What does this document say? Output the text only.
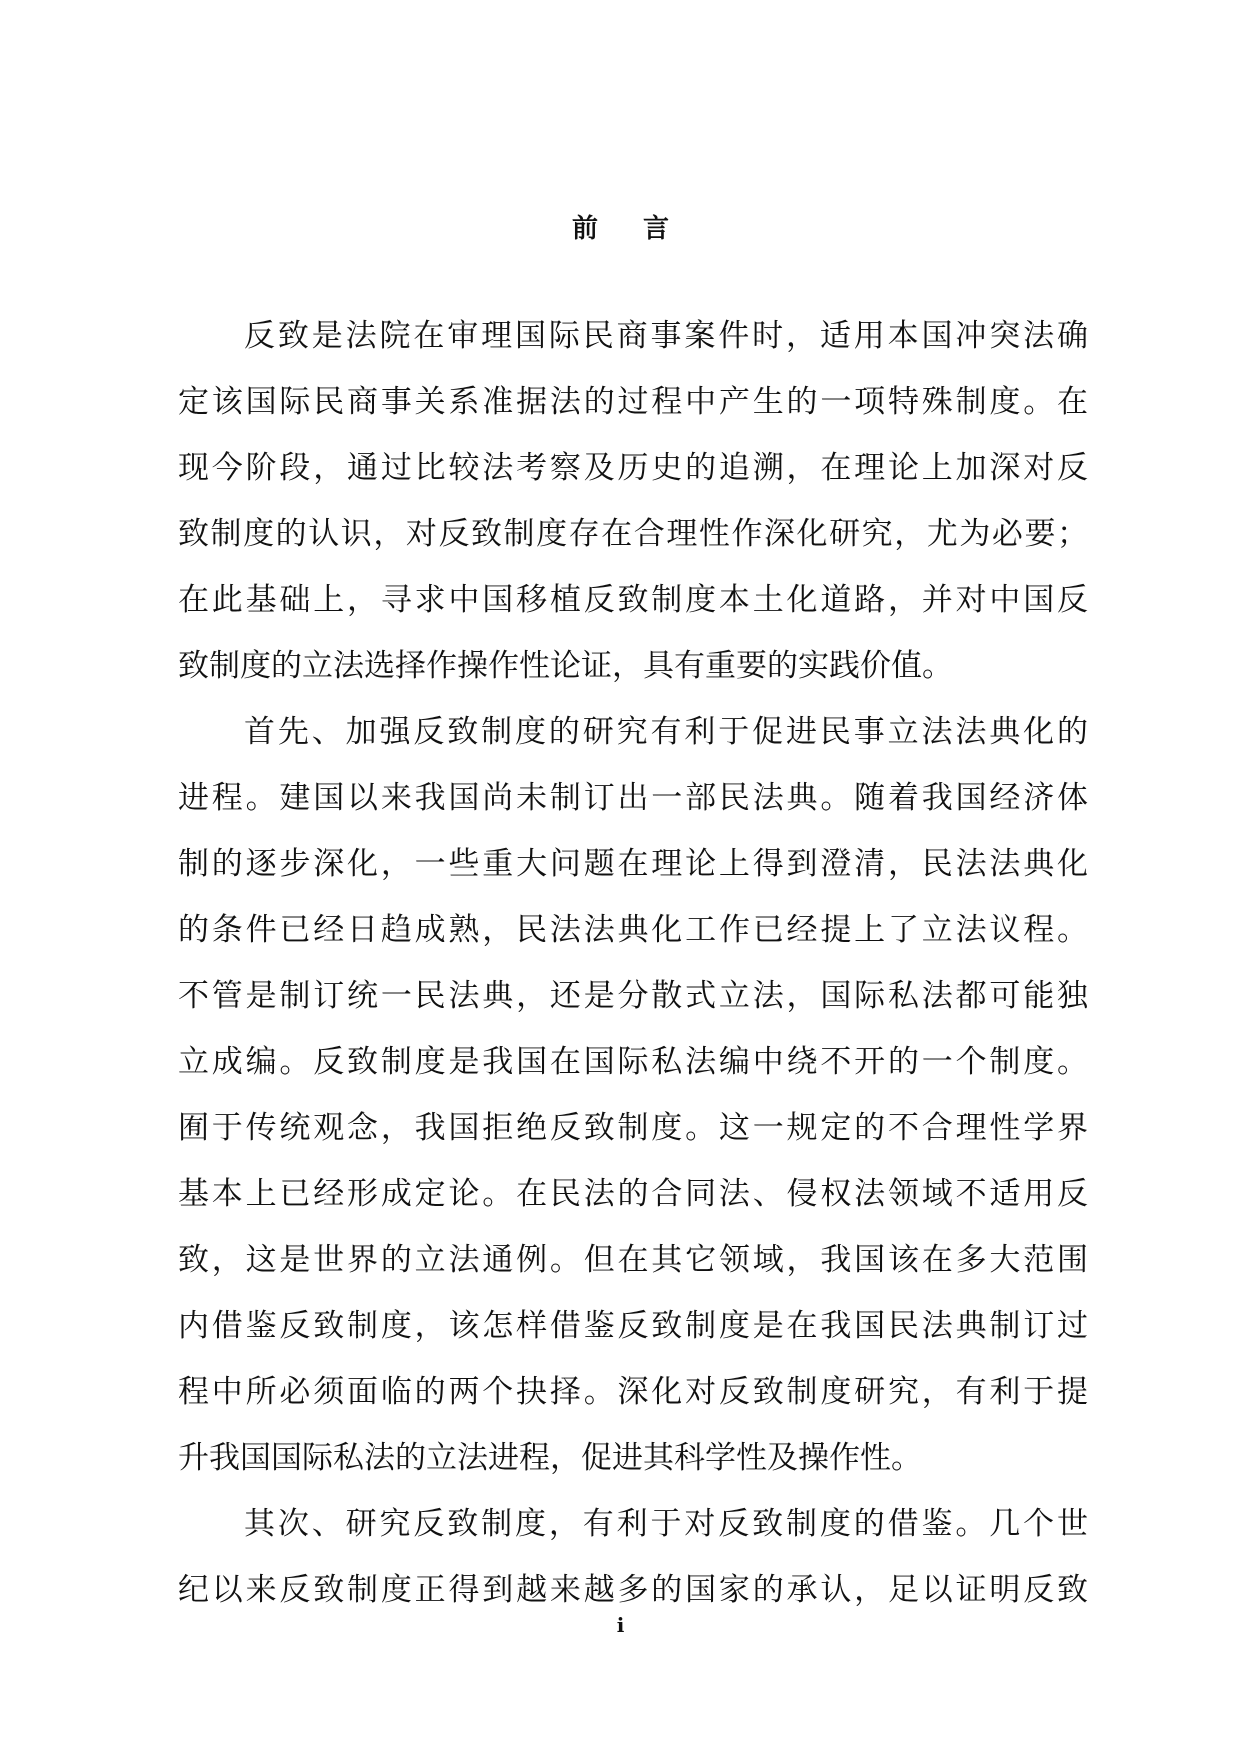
前 言
反致是法院在审理国际民商事案件时，适用本国冲突法确
定该国际民商事关系准据法的过程中产生的一项特殊制度。在
现今阶段，通过比较法考察及历史的追溯，在理论上加深对反
致制度的认识，对反致制度存在合理性作深化研究，尤为必要；
在此基础上，寻求中国移植反致制度本土化道路，并对中国反
致制度的立法选择作操作性论证，具有重要的实践价值。
首先、加强反致制度的研究有利于促进民事立法法典化的
进程。建国以来我国尚未制订出一部民法典。随着我国经济体
制的逐步深化，一些重大问题在理论上得到澄清，民法法典化
的条件已经日趋成熟，民法法典化工作已经提上了立法议程。
不管是制订统一民法典，还是分散式立法，国际私法都可能独
立成编。反致制度是我国在国际私法编中绕不开的一个制度。
囿于传统观念，我国拒绝反致制度。这一规定的不合理性学界
基本上已经形成定论。在民法的合同法、侵权法领域不适用反
致，这是世界的立法通例。但在其它领域，我国该在多大范围
内借鉴反致制度，该怎样借鉴反致制度是在我国民法典制订过
程中所必须面临的两个抉择。深化对反致制度研究，有利于提
升我国国际私法的立法进程，促进其科学性及操作性。
其次、研究反致制度，有利于对反致制度的借鉴。几个世
纪以来反致制度正得到越来越多的国家的承认，足以证明反致
i
